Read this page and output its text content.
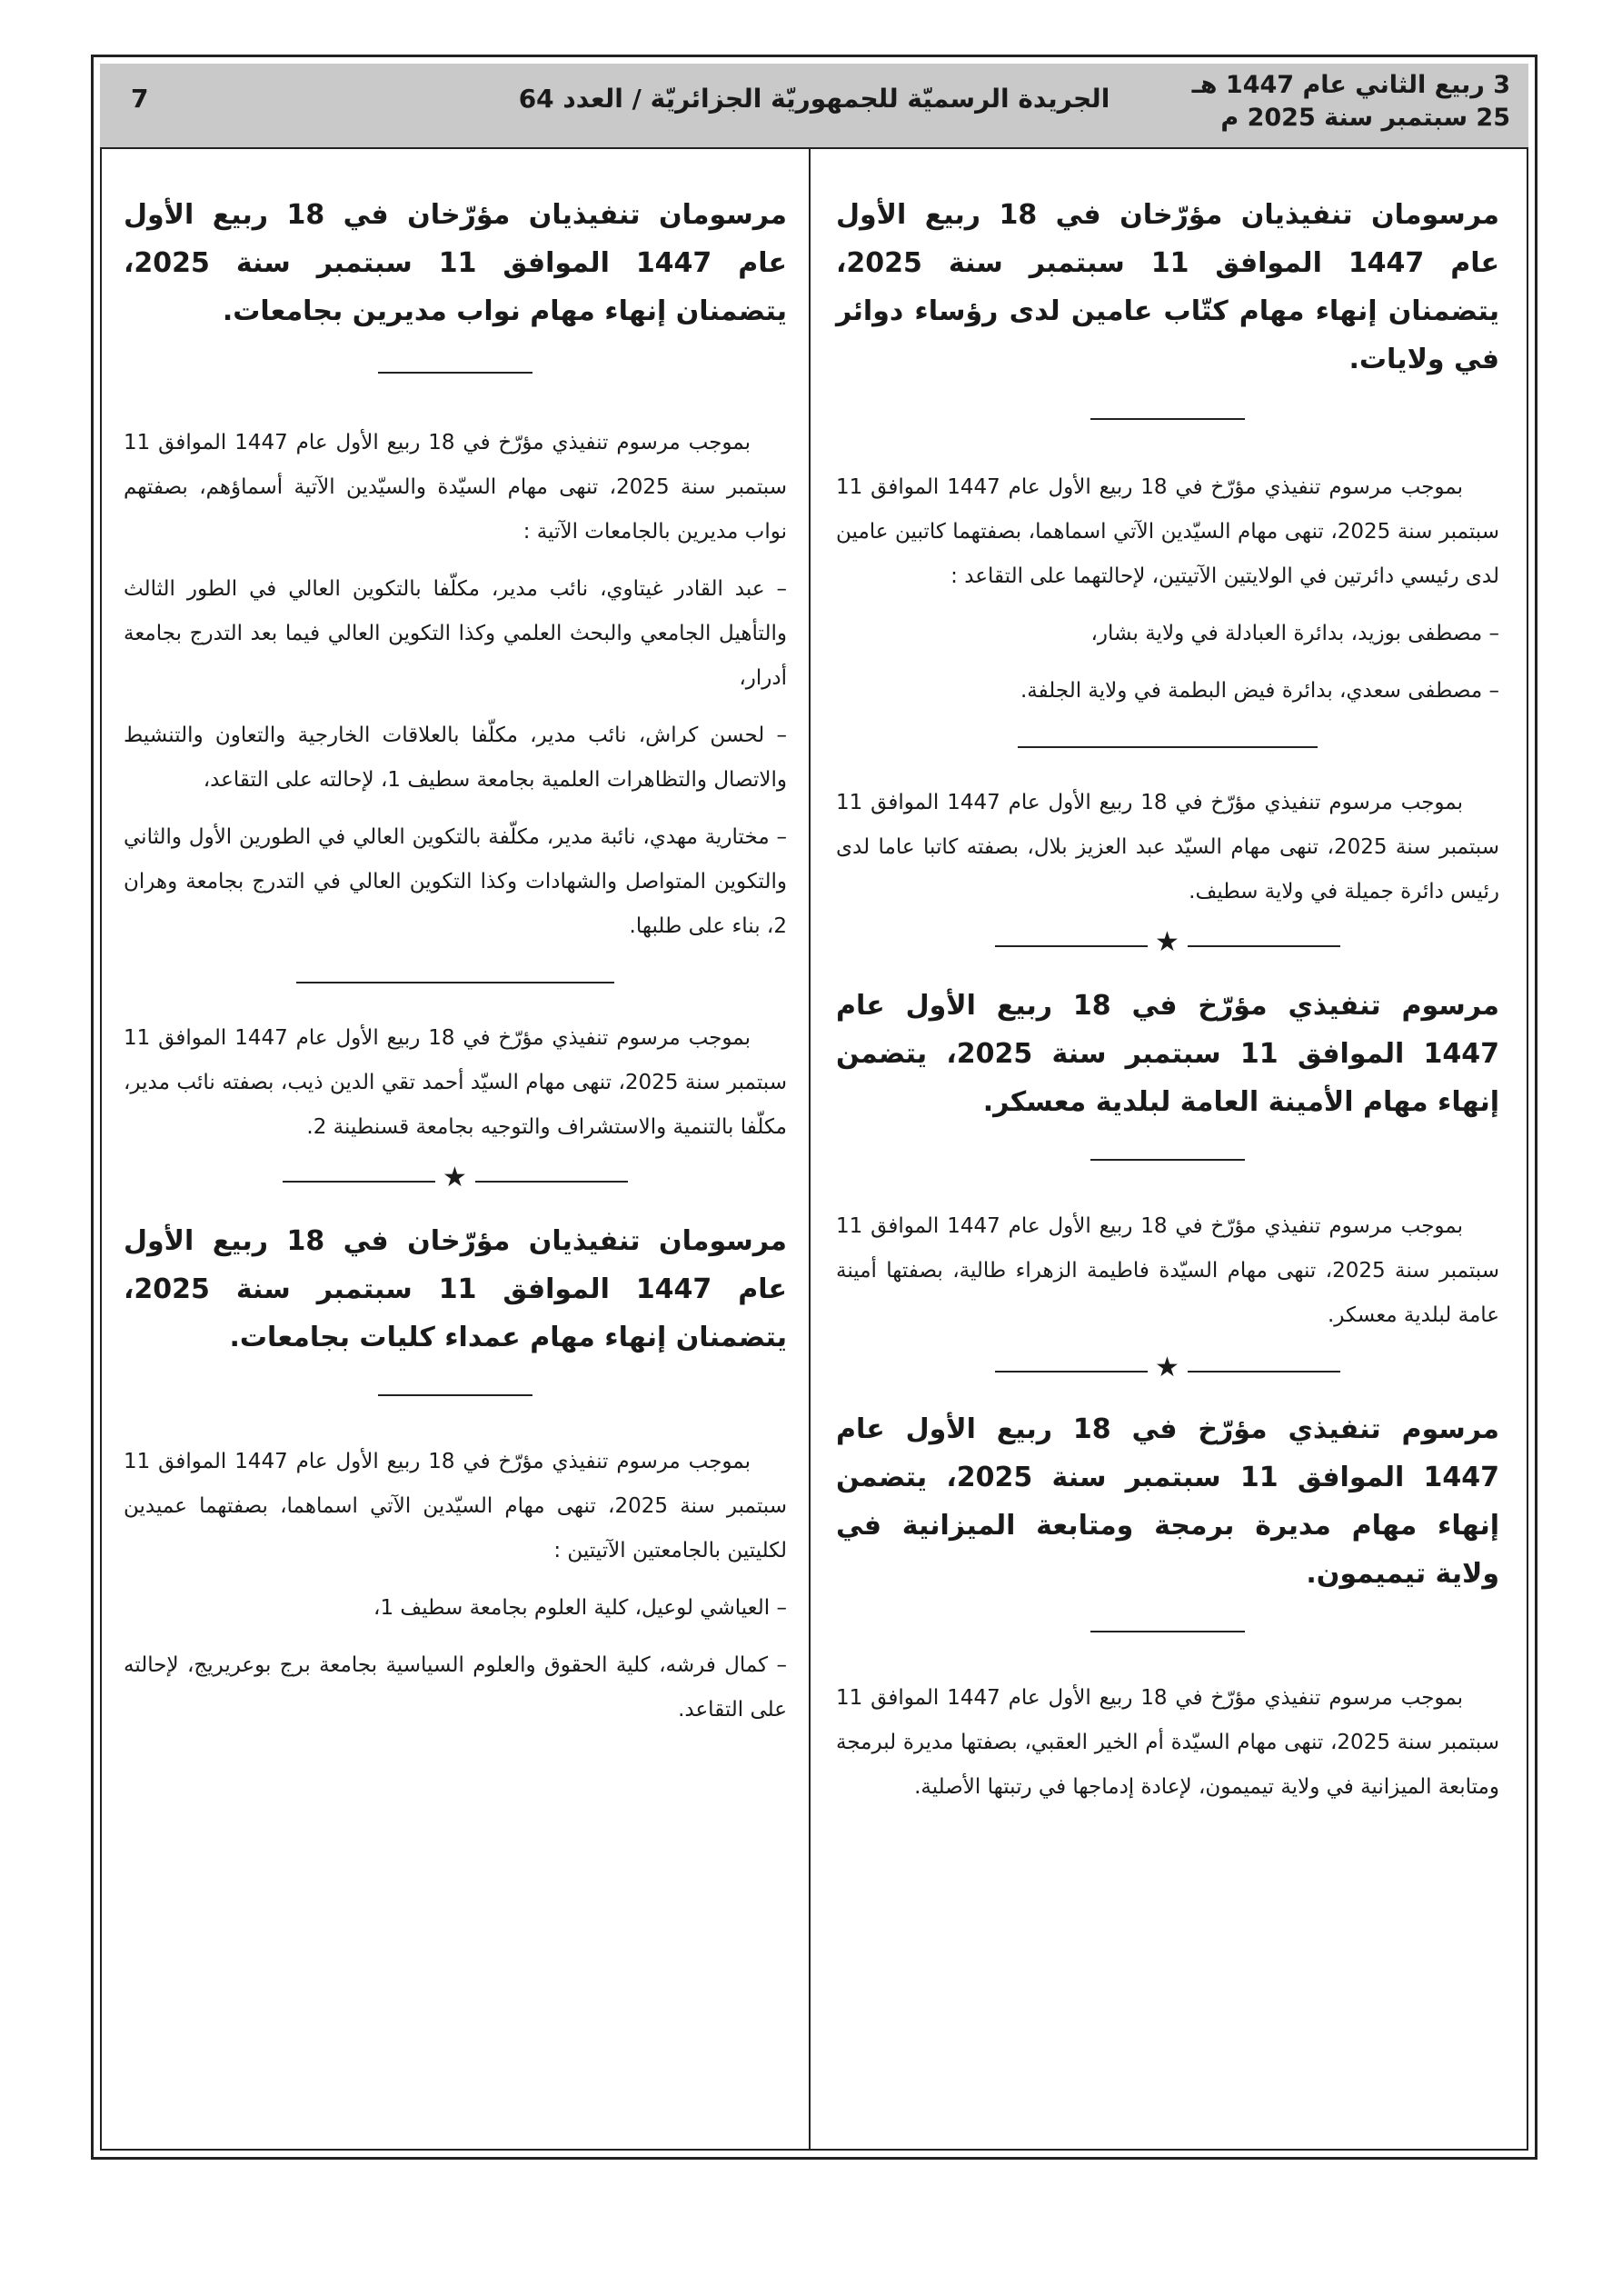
3 ربيع الثاني عام 1447 هـ
25 سبتمبر سنة 2025 م
الجريدة الرسميّة للجمهوريّة الجزائريّة / العدد 64
7

مرسومان تنفيذيان مؤرّخان في 18 ربيع الأول عام 1447 الموافق 11 سبتمبر سنة 2025، يتضمنان إنهاء مهام كتّاب عامين لدى رؤساء دوائر في ولايات.

بموجب مرسوم تنفيذي مؤرّخ في 18 ربيع الأول عام 1447 الموافق 11 سبتمبر سنة 2025، تنهى مهام السيّدين الآتي اسماهما، بصفتهما كاتبين عامين لدى رئيسي دائرتين في الولايتين الآتيتين، لإحالتهما على التقاعد :

– مصطفى بوزيد، بدائرة العبادلة في ولاية بشار،

– مصطفى سعدي، بدائرة فيض البطمة في ولاية الجلفة.

بموجب مرسوم تنفيذي مؤرّخ في 18 ربيع الأول عام 1447 الموافق 11 سبتمبر سنة 2025، تنهى مهام السيّد عبد العزيز بلال، بصفته كاتبا عاما لدى رئيس دائرة جميلة في ولاية سطيف.

★

مرسوم تنفيذي مؤرّخ في 18 ربيع الأول عام 1447 الموافق 11 سبتمبر سنة 2025، يتضمن إنهاء مهام الأمينة العامة لبلدية معسكر.

بموجب مرسوم تنفيذي مؤرّخ في 18 ربيع الأول عام 1447 الموافق 11 سبتمبر سنة 2025، تنهى مهام السيّدة فاطيمة الزهراء طالية، بصفتها أمينة عامة لبلدية معسكر.

★

مرسوم تنفيذي مؤرّخ في 18 ربيع الأول عام 1447 الموافق 11 سبتمبر سنة 2025، يتضمن إنهاء مهام مديرة برمجة ومتابعة الميزانية في ولاية تيميمون.

بموجب مرسوم تنفيذي مؤرّخ في 18 ربيع الأول عام 1447 الموافق 11 سبتمبر سنة 2025، تنهى مهام السيّدة أم الخير العقبي، بصفتها مديرة لبرمجة ومتابعة الميزانية في ولاية تيميمون، لإعادة إدماجها في رتبتها الأصلية.

مرسومان تنفيذيان مؤرّخان في 18 ربيع الأول عام 1447 الموافق 11 سبتمبر سنة 2025، يتضمنان إنهاء مهام نواب مديرين بجامعات.

بموجب مرسوم تنفيذي مؤرّخ في 18 ربيع الأول عام 1447 الموافق 11 سبتمبر سنة 2025، تنهى مهام السيّدة والسيّدين الآتية أسماؤهم، بصفتهم نواب مديرين بالجامعات الآتية :

– عبد القادر غيتاوي، نائب مدير، مكلّفا بالتكوين العالي في الطور الثالث والتأهيل الجامعي والبحث العلمي وكذا التكوين العالي فيما بعد التدرج بجامعة أدرار،

– لحسن كراش، نائب مدير، مكلّفا بالعلاقات الخارجية والتعاون والتنشيط والاتصال والتظاهرات العلمية بجامعة سطيف 1، لإحالته على التقاعد،

– مختارية مهدي، نائبة مدير، مكلّفة بالتكوين العالي في الطورين الأول والثاني والتكوين المتواصل والشهادات وكذا التكوين العالي في التدرج بجامعة وهران 2، بناء على طلبها.

بموجب مرسوم تنفيذي مؤرّخ في 18 ربيع الأول عام 1447 الموافق 11 سبتمبر سنة 2025، تنهى مهام السيّد أحمد تقي الدين ذيب، بصفته نائب مدير، مكلّفا بالتنمية والاستشراف والتوجيه بجامعة قسنطينة 2.

★

مرسومان تنفيذيان مؤرّخان في 18 ربيع الأول عام 1447 الموافق 11 سبتمبر سنة 2025، يتضمنان إنهاء مهام عمداء كليات بجامعات.

بموجب مرسوم تنفيذي مؤرّخ في 18 ربيع الأول عام 1447 الموافق 11 سبتمبر سنة 2025، تنهى مهام السيّدين الآتي اسماهما، بصفتهما عميدين لكليتين بالجامعتين الآتيتين :

– العياشي لوعيل، كلية العلوم بجامعة سطيف 1،

– كمال فرشه، كلية الحقوق والعلوم السياسية بجامعة برج بوعريريج، لإحالته على التقاعد.
